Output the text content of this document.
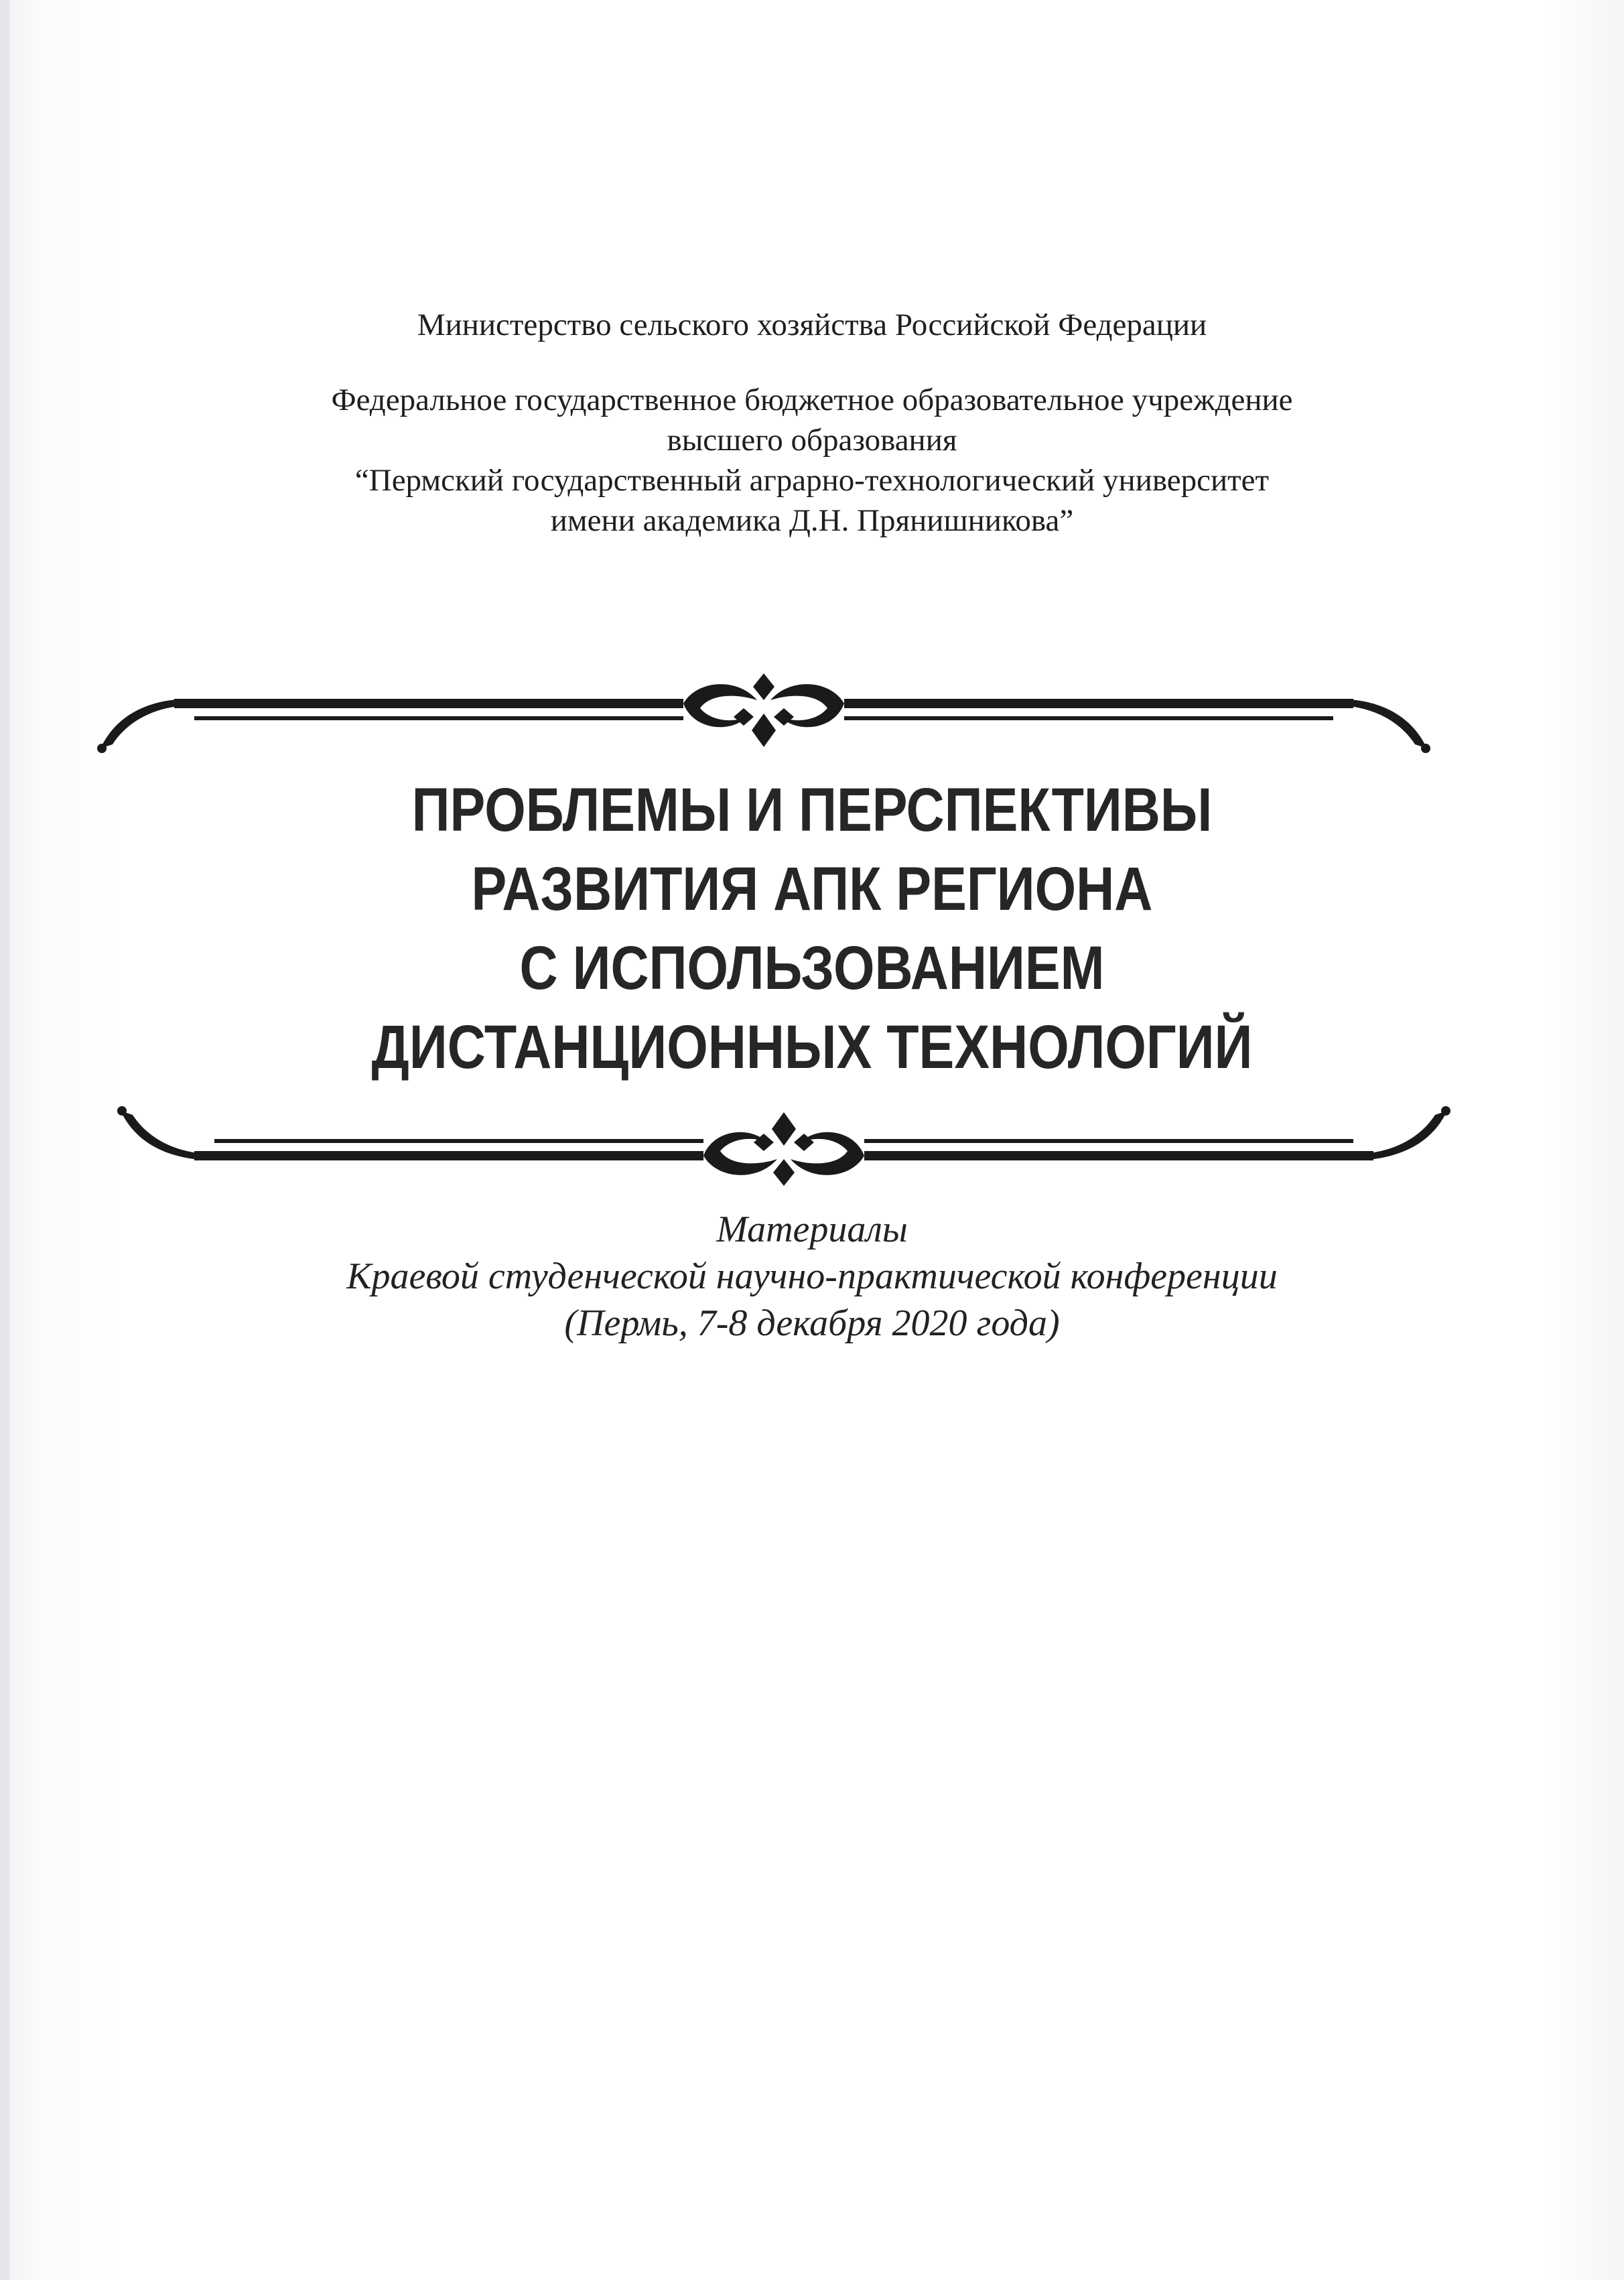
Министерство сельского хозяйства Российской Федерации
Федеральное государственное бюджетное образовательное учреждение
высшего образования
“Пермский государственный аграрно-технологический университет
имени академика Д.Н. Прянишникова”
ПРОБЛЕМЫ И ПЕРСПЕКТИВЫ
РАЗВИТИЯ АПК РЕГИОНА
С ИСПОЛЬЗОВАНИЕМ
ДИСТАНЦИОННЫХ ТЕХНОЛОГИЙ
Материалы
Краевой студенческой научно-практической конференции
(Пермь, 7-8 декабря 2020 года)
